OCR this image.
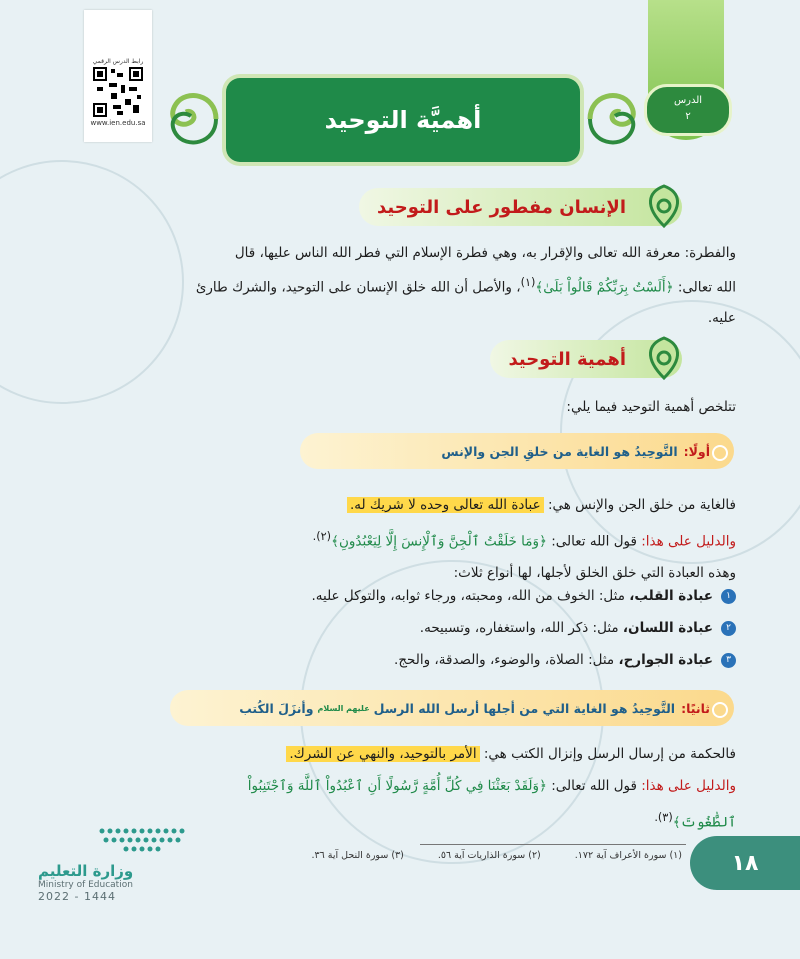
رابط الدرس الرقمي
www.ien.edu.sa
الدرس
٢
أهميَّة التوحيد
الإنسان مفطور على التوحيد
والفطرة: معرفة الله تعالى والإقرار به، وهي فطرة الإسلام التي فطر الله الناس عليها، قال
الله تعالى: ﴿أَلَسْتُ بِرَبِّكُمْ قَالُواْ بَلَىٰ﴾$^{(١)}$، والأصل أن الله خلق الإنسان على التوحيد، والشرك طارئ
عليه.
أهمية التوحيد
تتلخص أهمية التوحيد فيما يلي:
أولًا:
التَّوحِيدُ هو الغاية من خلقِ الجن والإنس
فالغاية من خلق الجن والإنس هي: عبادة الله تعالى وحده لا شريك له.
والدليل على هذا: قول الله تعالى: ﴿وَمَا خَلَقْتُ ٱلْجِنَّ وَٱلْإِنسَ إِلَّا لِيَعْبُدُونِ﴾$^{(٢).}$
وهذه العبادة التي خلق الخلق لأجلها، لها أنواع ثلاث:
١عبادة القلب، مثل: الخوف من الله، ومحبته، ورجاء ثوابه، والتوكل عليه.
٢عبادة اللسان، مثل: ذكر الله، واستغفاره، وتسبيحه.
٣عبادة الجوارح، مثل: الصلاة، والوضوء، والصدقة، والحج.
ثانيًا:
التَّوحِيدُ هو الغاية التي من أجلها أرسل الله الرسل
عليهم السلام
وأنزَلَ الكُتب
فالحكمة من إرسال الرسل وإنزال الكتب هي: الأمر بالتوحيد، والنهي عن الشرك.
والدليل على هذا: قول الله تعالى: ﴿وَلَقَدْ بَعَثْنَا فِي كُلِّ أُمَّةٍ رَّسُولًا أَنِ ٱعْبُدُواْ ٱللَّهَ وَٱجْتَنِبُواْ
ٱلطَّٰغُوتَ﴾$^{(٣).}$
(١) سورة الأعراف آية ١٧٢.
(٢) سورة الذاريات آية ٥٦.
(٣) سورة النحل آية ٣٦.	١٨
وزارة التعليم
Ministry of Education
2022 - 1444
